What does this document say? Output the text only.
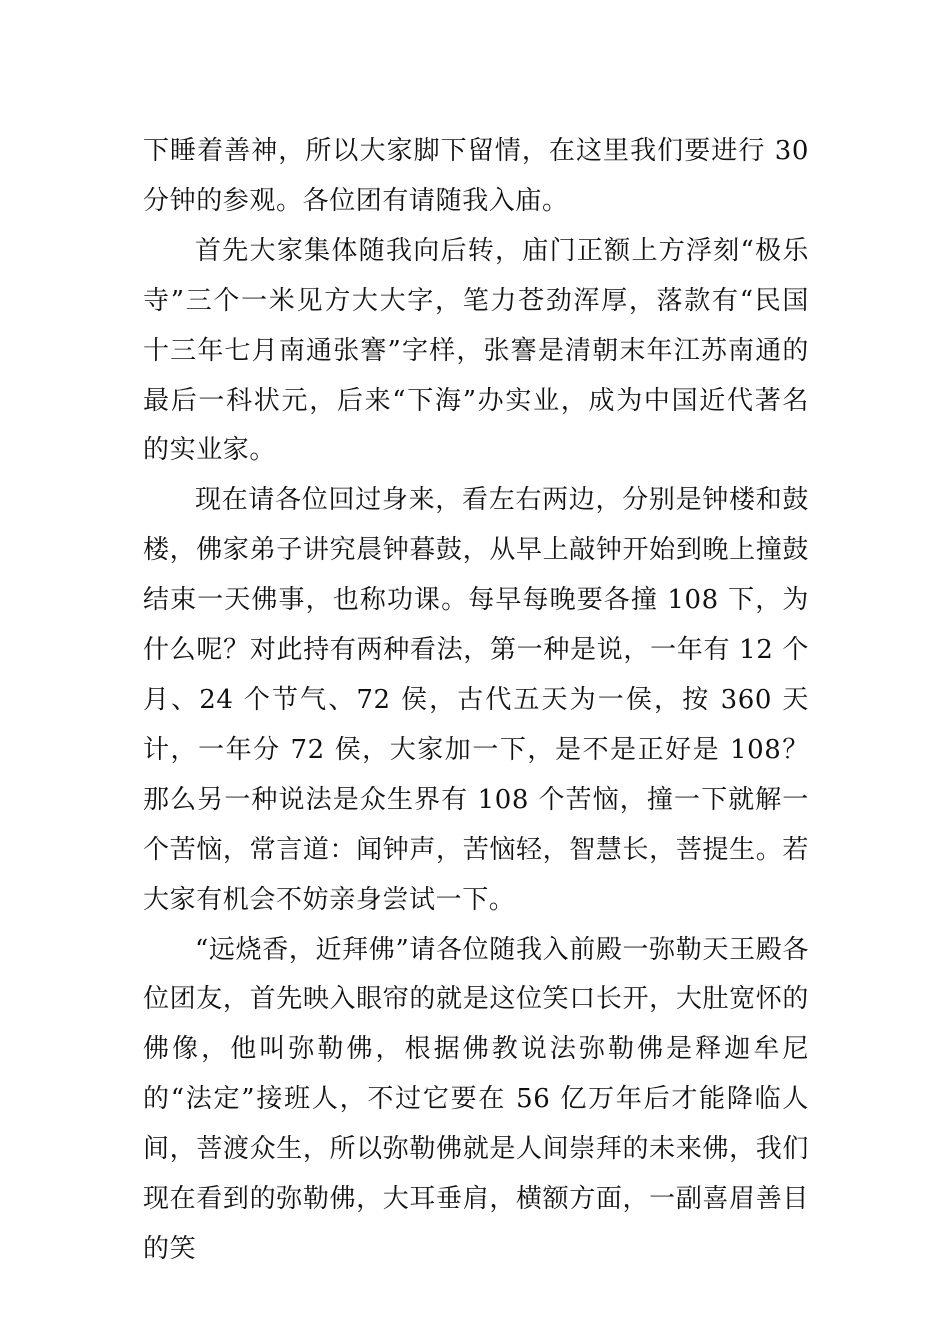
下睡着善神，所以大家脚下留情，在这里我们要进行 30 分钟的参观。各位团有请随我入庙。

首先大家集体随我向后转，庙门正额上方浮刻“极乐寺”三个一米见方大大字，笔力苍劲浑厚，落款有“民国十三年七月南通张謇”字样，张謇是清朝末年江苏南通的最后一科状元，后来“下海”办实业，成为中国近代著名的实业家。

现在请各位回过身来，看左右两边，分别是钟楼和鼓楼，佛家弟子讲究晨钟暮鼓，从早上敲钟开始到晚上撞鼓结束一天佛事，也称功课。每早每晚要各撞 108 下，为什么呢？对此持有两种看法，第一种是说，一年有 12 个月、24 个节气、72 侯，古代五天为一侯，按 360 天计，一年分 72 侯，大家加一下，是不是正好是 108？那么另一种说法是众生界有 108 个苦恼，撞一下就解一个苦恼，常言道：闻钟声，苦恼轻，智慧长，菩提生。若大家有机会不妨亲身尝试一下。

“远烧香，近拜佛”请各位随我入前殿一弥勒天王殿各位团友，首先映入眼帘的就是这位笑口长开，大肚宽怀的佛像，他叫弥勒佛，根据佛教说法弥勒佛是释迦牟尼的“法定”接班人，不过它要在 56 亿万年后才能降临人间，菩渡众生，所以弥勒佛就是人间崇拜的未来佛，我们现在看到的弥勒佛，大耳垂肩，横额方面，一副喜眉善目的笑
